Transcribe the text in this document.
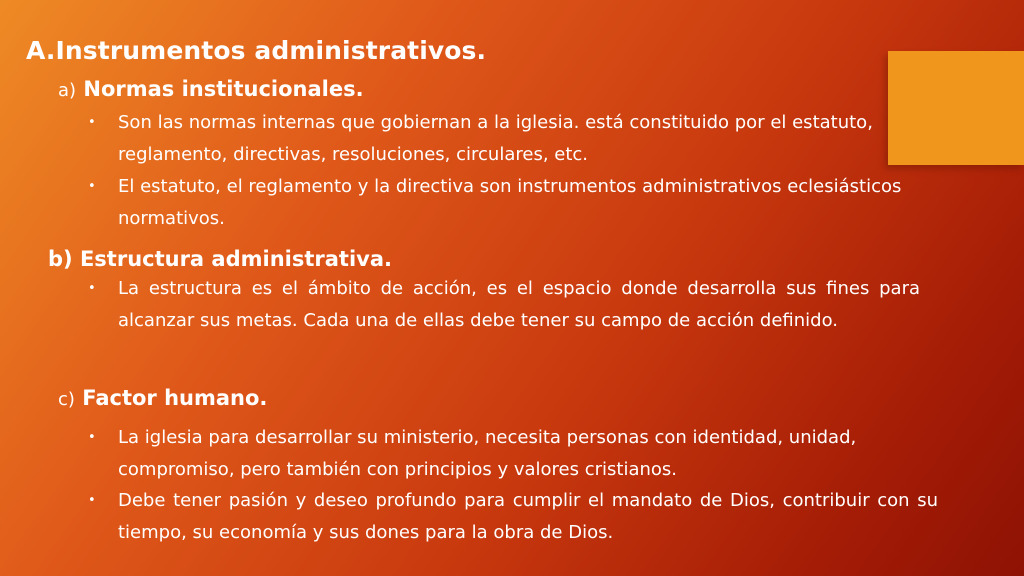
A.Instrumentos administrativos.
a) Normas institucionales.
• Son las normas internas que gobiernan a la iglesia. está constituido por el estatuto, reglamento, directivas, resoluciones, circulares, etc.
• El estatuto, el reglamento y la directiva son instrumentos administrativos eclesiásticos normativos.
b) Estructura administrativa.
• La estructura es el ámbito de acción, es el espacio donde desarrolla sus fines para alcanzar sus metas. Cada una de ellas debe tener su campo de acción definido.
c) Factor humano.
• La iglesia para desarrollar su ministerio, necesita personas con identidad, unidad, compromiso, pero también con principios y valores cristianos.
• Debe tener pasión y deseo profundo para cumplir el mandato de Dios, contribuir con su tiempo, su economía y sus dones para la obra de Dios.
